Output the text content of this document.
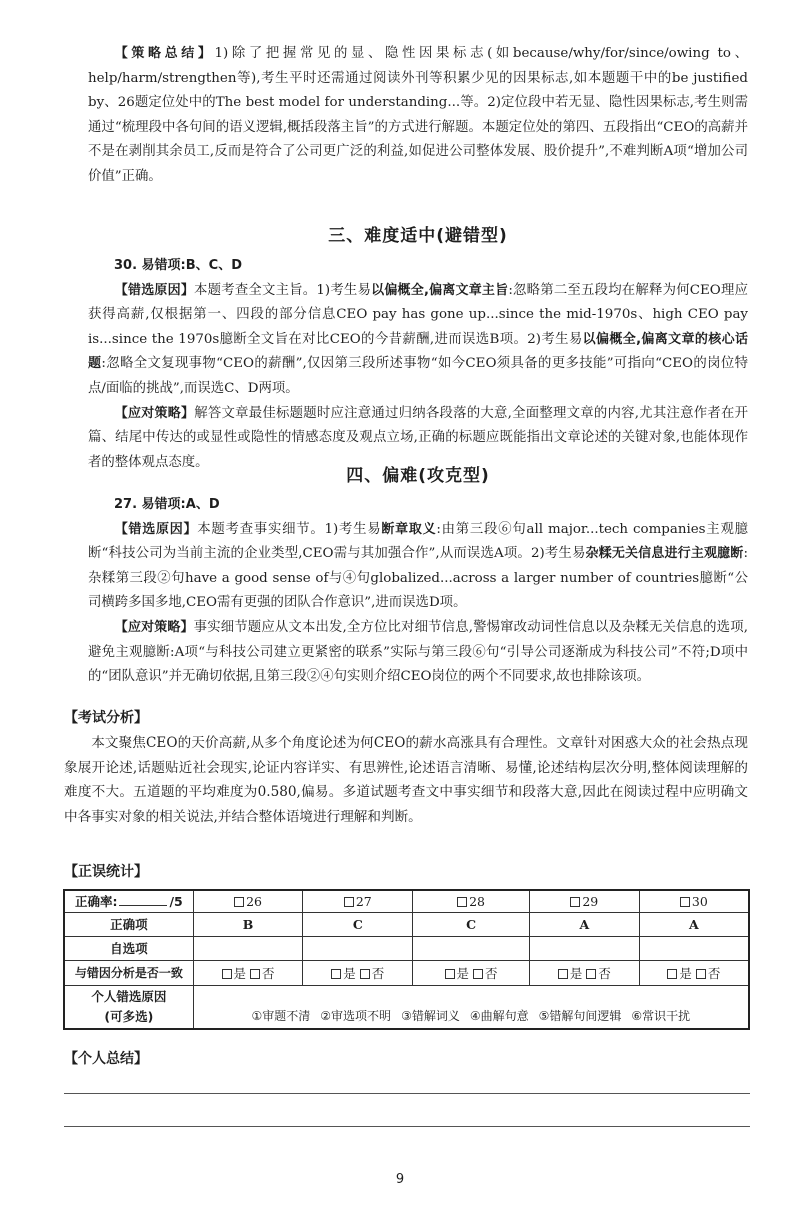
【策略总结】1)除了把握常见的显、隐性因果标志(如because/why/for/since/owing to、help/harm/strengthen等),考生平时还需通过阅读外刊等积累少见的因果标志,如本题题干中的be justified by、26题定位处中的The best model for understanding...等。2)定位段中若无显、隐性因果标志,考生则需通过“梳理段中各句间的语义逻辑,概括段落主旨”的方式进行解题。本题定位处的第四、五段指出“CEO的高薪并不是在剥削其余员工,反而是符合了公司更广泛的利益,如促进公司整体发展、股价提升”,不难判断A项“增加公司价值”正确。

三、难度适中(避错型)

30. 易错项:B、C、D

【错选原因】本题考查全文主旨。1)考生易以偏概全,偏离文章主旨:忽略第二至五段均在解释为何CEO理应获得高薪,仅根据第一、四段的部分信息CEO pay has gone up...since the mid-1970s、high CEO pay is...since the 1970s臆断全文旨在对比CEO的今昔薪酬,进而误选B项。2)考生易以偏概全,偏离文章的核心话题:忽略全文复现事物“CEO的薪酬”,仅因第三段所述事物“如今CEO须具备的更多技能”可指向“CEO的岗位特点/面临的挑战”,而误选C、D两项。

【应对策略】解答文章最佳标题题时应注意通过归纳各段落的大意,全面整理文章的内容,尤其注意作者在开篇、结尾中传达的或显性或隐性的情感态度及观点立场,正确的标题应既能指出文章论述的关键对象,也能体现作者的整体观点态度。

四、偏难(攻克型)

27. 易错项:A、D

【错选原因】本题考查事实细节。1)考生易断章取义:由第三段⑥句all major...tech companies主观臆断“科技公司为当前主流的企业类型,CEO需与其加强合作”,从而误选A项。2)考生易杂糅无关信息进行主观臆断:杂糅第三段②句have a good sense of与④句globalized...across a larger number of countries臆断“公司横跨多国多地,CEO需有更强的团队合作意识”,进而误选D项。

【应对策略】事实细节题应从文本出发,全方位比对细节信息,警惕窜改动词性信息以及杂糅无关信息的选项,避免主观臆断:A项“与科技公司建立更紧密的联系”实际与第三段⑥句“引导公司逐渐成为科技公司”不符;D项中的“团队意识”并无确切依据,且第三段②④句实则介绍CEO岗位的两个不同要求,故也排除该项。

【考试分析】

本文聚焦CEO的天价高薪,从多个角度论述为何CEO的薪水高涨具有合理性。文章针对困惑大众的社会热点现象展开论述,话题贴近社会现实,论证内容详实、有思辨性,论述语言清晰、易懂,论述结构层次分明,整体阅读理解的难度不大。五道题的平均难度为0.580,偏易。多道试题考查文中事实细节和段落大意,因此在阅读过程中应明确文中各事实对象的相关说法,并结合整体语境进行理解和判断。

【正误统计】
正确率: /5	26	27	28	29	30
正确项	B	C	C	A	A
自选项					
与错因分析是否一致	是 否	是 否	是 否	是 否	是 否

个人错选原因
(可多选)	①审题不清 ②审选项不明 ③错解词义 ④曲解句意 ⑤错解句间逻辑 ⑥常识干扰				
【个人总结】
9
